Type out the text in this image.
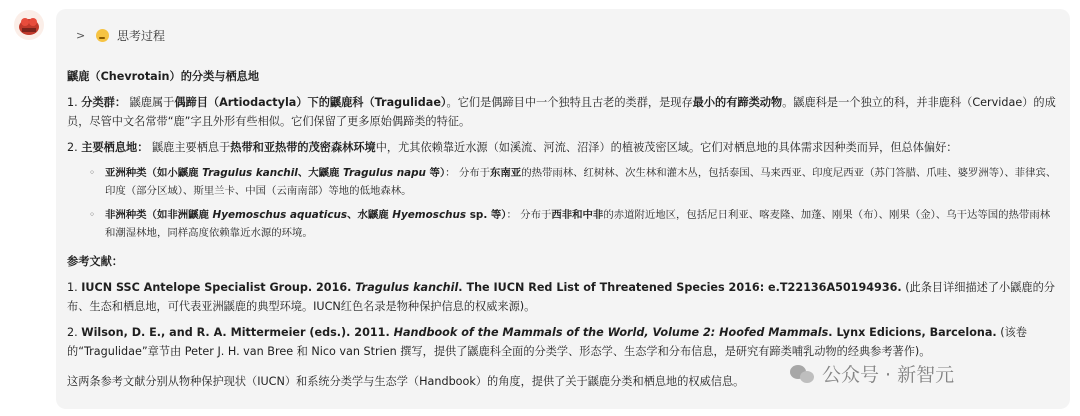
>	思考过程
鼷鹿（Chevrotain）的分类与栖息地
1. 分类群： 鼷鹿属于偶蹄目（Artiodactyla）下的鼷鹿科（Tragulidae）。它们是偶蹄目中一个独特且古老的类群，是现存最小的有蹄类动物。鼷鹿科是一个独立的科，并非鹿科（Cervidae）的成员，尽管中文名常带“鹿”字且外形有些相似。它们保留了更多原始偶蹄类的特征。
2. 主要栖息地： 鼷鹿主要栖息于热带和亚热带的茂密森林环境中，尤其依赖靠近水源（如溪流、河流、沼泽）的植被茂密区域。它们对栖息地的具体需求因种类而异，但总体偏好：
◦ 亚洲种类（如小鼷鹿 Tragulus kanchil、大鼷鹿 Tragulus napu 等）： 分布于东南亚的热带雨林、红树林、次生林和灌木丛，包括泰国、马来西亚、印度尼西亚（苏门答腊、爪哇、婆罗洲等）、菲律宾、印度（部分区域）、斯里兰卡、中国（云南南部）等地的低地森林。
◦ 非洲种类（如非洲鼷鹿 Hyemoschus aquaticus、水鼷鹿 Hyemoschus sp. 等）： 分布于西非和中非的赤道附近地区，包括尼日利亚、喀麦隆、加蓬、刚果（布）、刚果（金）、乌干达等国的热带雨林和潮湿林地，同样高度依赖靠近水源的环境。
参考文献：
1. IUCN SSC Antelope Specialist Group. 2016. Tragulus kanchil. The IUCN Red List of Threatened Species 2016: e.T22136A50194936. (此条目详细描述了小鼷鹿的分布、生态和栖息地，可代表亚洲鼷鹿的典型环境。IUCN红色名录是物种保护信息的权威来源)。
2. Wilson, D. E., and R. A. Mittermeier (eds.). 2011. Handbook of the Mammals of the World, Volume 2: Hoofed Mammals. Lynx Edicions, Barcelona. (该卷的“Tragulidae”章节由 Peter J. H. van Bree 和 Nico van Strien 撰写，提供了鼷鹿科全面的分类学、形态学、生态学和分布信息，是研究有蹄类哺乳动物的经典参考著作)。
这两条参考文献分别从物种保护现状（IUCN）和系统分类学与生态学（Handbook）的角度，提供了关于鼷鹿分类和栖息地的权威信息。	公众号 · 新智元
